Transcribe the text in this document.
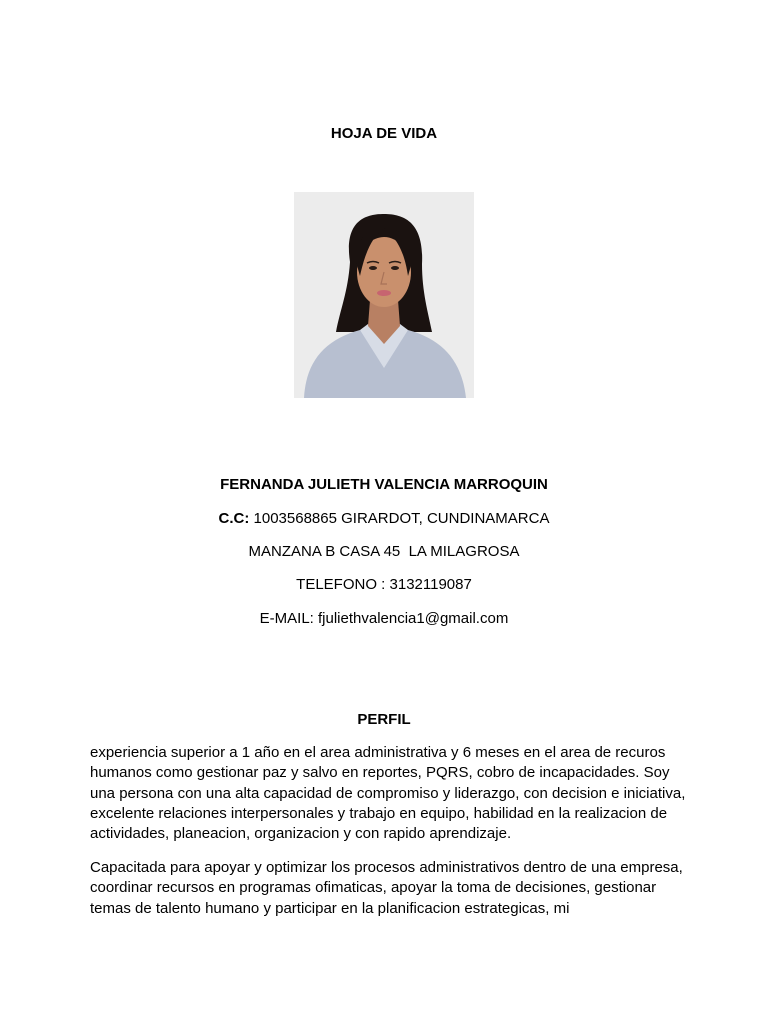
HOJA DE VIDA
FERNANDA JULIETH VALENCIA MARROQUIN
C.C: 1003568865 GIRARDOT, CUNDINAMARCA
MANZANA B CASA 45  LA MILAGROSA
TELEFONO : 3132119087
E-MAIL: fjuliethvalencia1@gmail.com
PERFIL

experiencia superior a 1 año en el area administrativa y 6 meses en el area de recuros humanos como gestionar paz y salvo en reportes, PQRS, cobro de incapacidades. Soy una persona con una alta capacidad de compromiso y liderazgo, con decision e iniciativa, excelente relaciones interpersonales y trabajo en equipo, habilidad en la realizacion de actividades, planeacion, organizacion y con rapido aprendizaje.

Capacitada para apoyar y optimizar los procesos administrativos dentro de una empresa, coordinar recursos en programas ofimaticas, apoyar la toma de decisiones, gestionar temas de talento humano y participar en la planificacion estrategicas, mi
